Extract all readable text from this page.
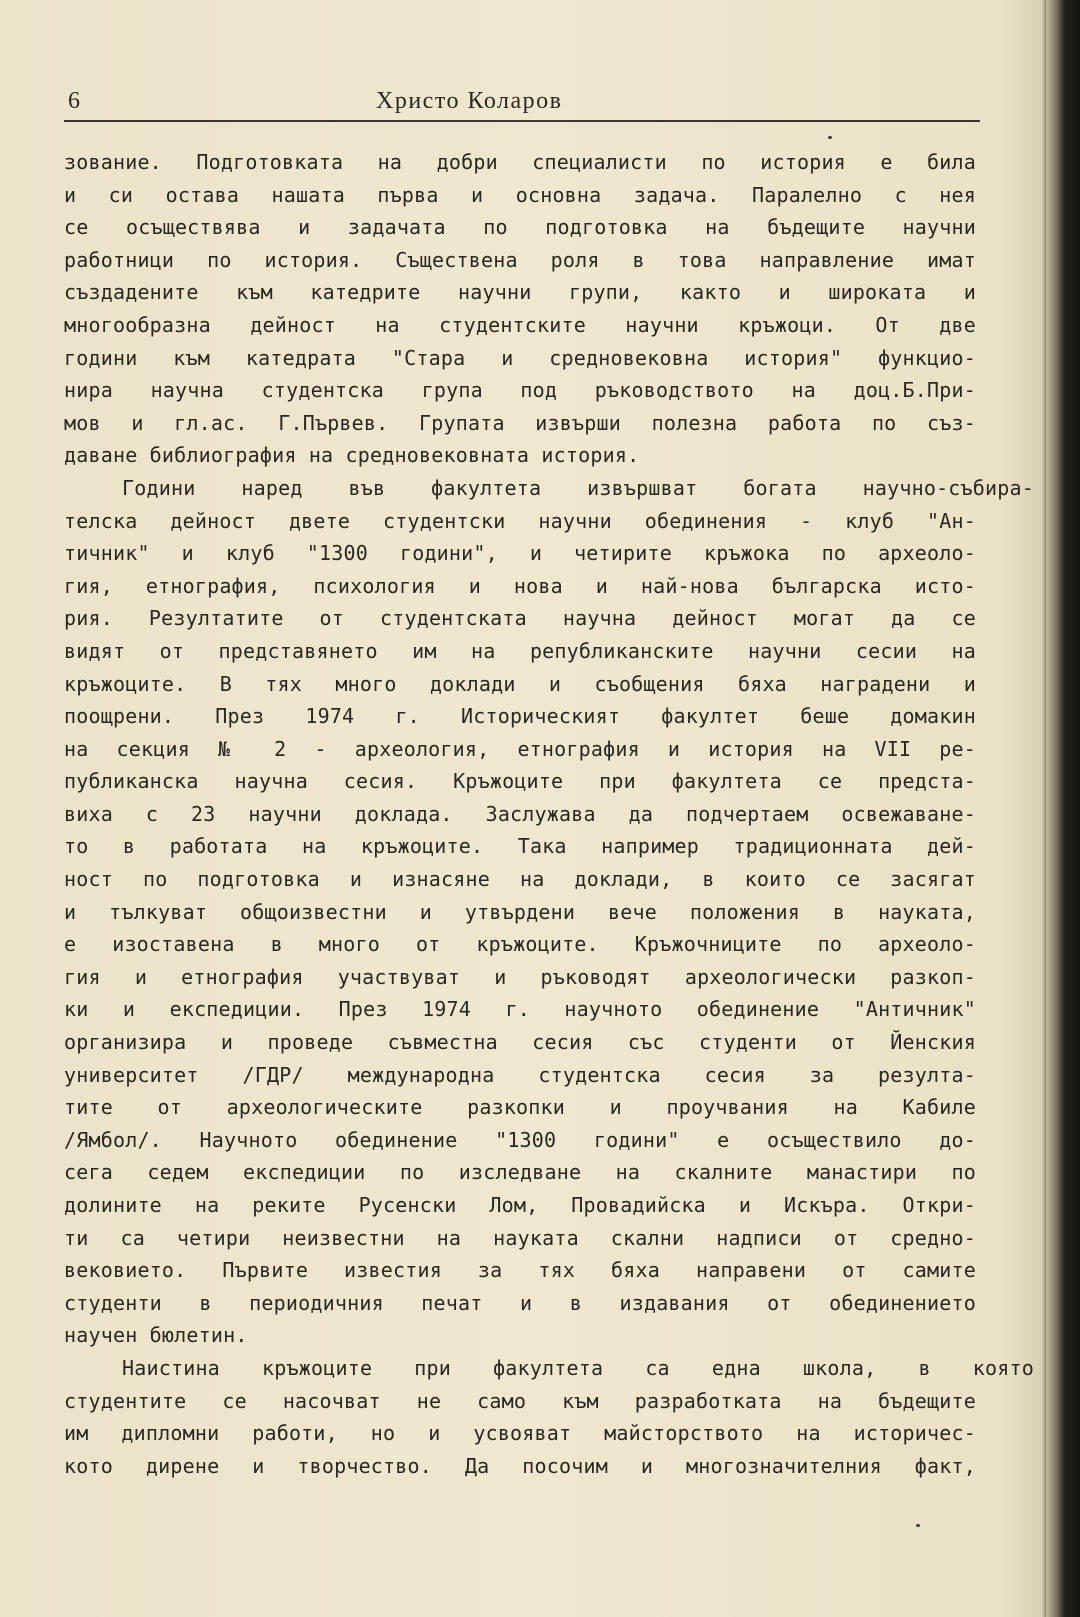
6	Христо Коларов
зование. Подготовката на добри специалисти по история е била
и си остава нашата първа и основна задача. Паралелно с нея
се осъществява и задачата по подготовка на бъдещите научни
работници по история. Съществена роля в това направление имат
създадените към катедрите научни групи, както и широката и
многообразна дейност на студентските научни кръжоци. От две
години към катедрата "Стара и средновековна история" функцио-
нира научна студентска група под ръководството на доц.Б.При-
мов и гл.ас. Г.Първев. Групата извърши полезна работа по съз-
даване библиография на средновековната история.
Години наред във факултета извършват богата научно-събира-
телска дейност двете студентски научни обединения - клуб "Ан-
тичник" и клуб "1300 години", и четирите кръжока по археоло-
гия, етнография, психология и нова и най-нова българска исто-
рия. Резултатите от студентската научна дейност могат да се
видят от представянето им на републиканските научни сесии на
кръжоците. В тях много доклади и съобщения бяха наградени и
поощрени. През 1974 г. Историческият факултет беше домакин
на секция № 2 - археология, етнография и история на VII ре-
публиканска научна сесия. Кръжоците при факултета се предста-
виха с 23 научни доклада. Заслужава да подчертаем освежаване-
то в работата на кръжоците. Така например традиционната дей-
ност по подготовка и изнасяне на доклади, в които се засягат
и тълкуват общоизвестни и утвърдени вече положения в науката,
е изоставена в много от кръжоците. Кръжочниците по археоло-
гия и етнография участвуват и ръководят археологически разкоп-
ки и експедиции. През 1974 г. научното обединение "Античник"
организира и проведе съвместна сесия със студенти от Йенския
университет /ГДР/ международна студентска сесия за резулта-
тите от археологическите разкопки и проучвания на Кабиле
/Ямбол/. Научното обединение "1300 години" е осъществило до-
сега седем експедиции по изследване на скалните манастири по
долините на реките Русенски Лом, Провадийска и Искъра. Откри-
ти са четири неизвестни на науката скални надписи от средно-
вековието. Първите известия за тях бяха направени от самите
студенти в периодичния печат и в издавания от обединението
научен бюлетин.
Наистина кръжоците при факултета са една школа, в която
студентите се насочват не само към разработката на бъдещите
им дипломни работи, но и усвояват майсторството на историчес-
кото дирене и творчество. Да посочим и многозначителния факт,
